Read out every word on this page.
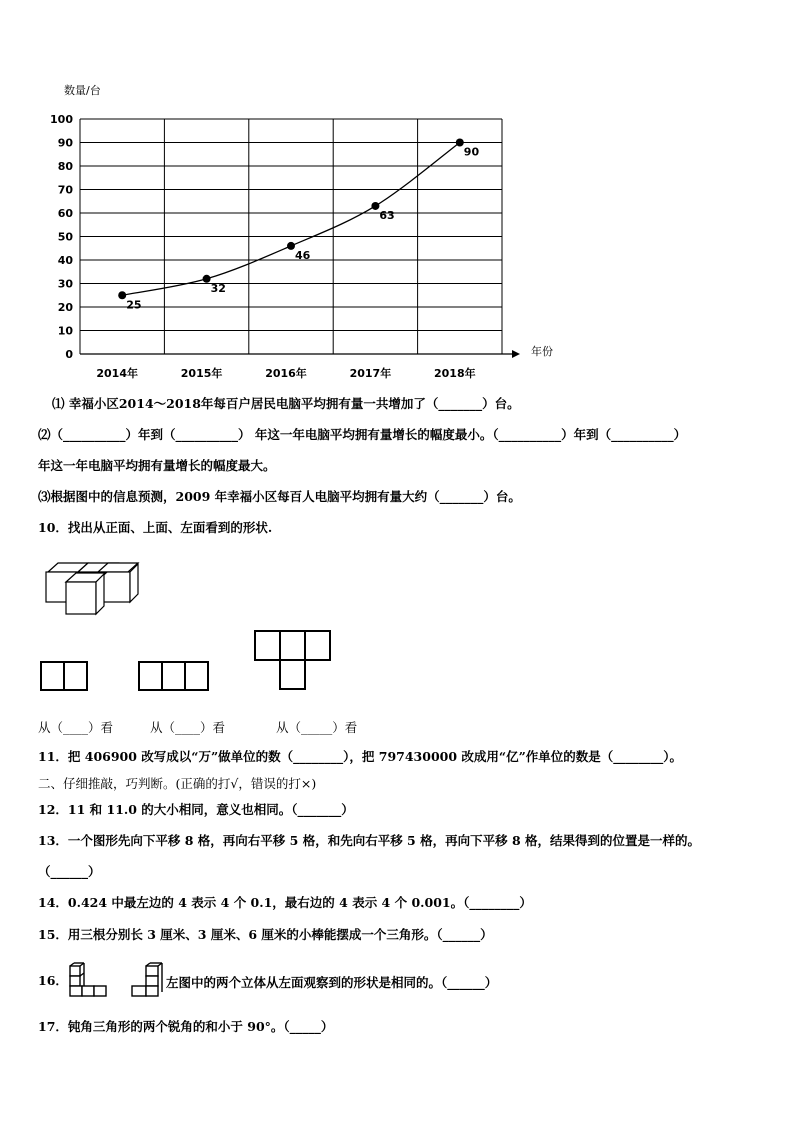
0
10
20
30
40
50
60
70
80
90
100
2014年	2015年	2016年	2017年	2018年
25
32
46
63
90
数量/台
年份
⑴ 幸福小区2014～2018年每百户居民电脑平均拥有量一共增加了（_______）台。
⑵（__________）年到（__________） 年这一年电脑平均拥有量增长的幅度最小。（__________）年到（__________）
年这一年电脑平均拥有量增长的幅度最大。
⑶根据图中的信息预测，2009 年幸福小区每百人电脑平均拥有量大约（_______）台。
10．找出从正面、上面、左面看到的形状.
从（____）看	从（____）看	从（_____）看
11．把 406900 改写成以“万”做单位的数（________），把 797430000 改成用“亿”作单位的数是（________）。
二、仔细推敲，巧判断。(正确的打√，错误的打×)
12．11 和 11.0 的大小相同，意义也相同。（_______）
13．一个图形先向下平移 8 格，再向右平移 5 格，和先向右平移 5 格，再向下平移 8 格，结果得到的位置是一样的。
（______）
14．0.424 中最左边的 4 表示 4 个 0.1，最右边的 4 表示 4 个 0.001。（________）
15．用三根分别长 3 厘米、3 厘米、6 厘米的小棒能摆成一个三角形。（______）
16．	左图中的两个立体从左面观察到的形状是相同的。（______）
17．钝角三角形的两个锐角的和小于 90°。（_____）
